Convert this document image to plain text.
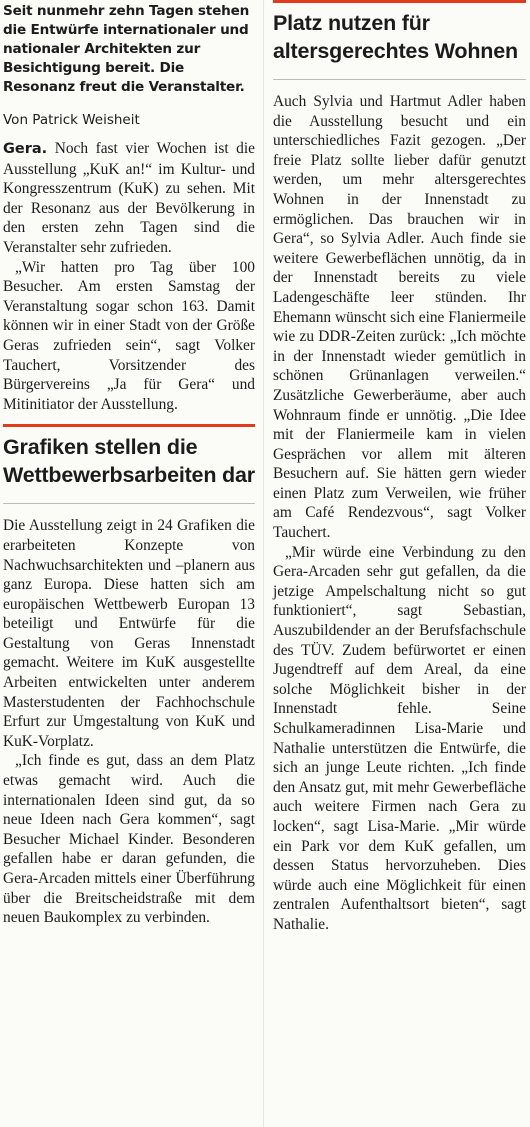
Seit nunmehr zehn Tagen stehen die Entwürfe internationaler und nationaler Architekten zur Besichtigung bereit. Die Resonanz freut die Veranstalter.

Von Patrick Weisheit

Gera. Noch fast vier Wochen ist die Ausstellung „KuK an!“ im Kultur- und Kongresszentrum (KuK) zu sehen. Mit der Resonanz aus der Bevölkerung in den ersten zehn Tagen sind die Veranstalter sehr zufrieden.

„Wir hatten pro Tag über 100 Besucher. Am ersten Samstag der Veranstaltung sogar schon 163. Damit können wir in einer Stadt von der Größe Geras zufrieden sein“, sagt Volker Tauchert, Vorsitzender des Bürgervereins „Ja für Gera“ und Mitinitiator der Ausstellung.

Grafiken stellen die Wettbewerbsarbeiten dar

Die Ausstellung zeigt in 24 Grafiken die erarbeiteten Konzepte von Nachwuchsarchitekten und –planern aus ganz Europa. Diese hatten sich am europäischen Wettbewerb Europan 13 beteiligt und Entwürfe für die Gestaltung von Geras Innenstadt gemacht. Weitere im KuK ausgestellte Arbeiten entwickelten unter anderem Masterstudenten der Fachhochschule Erfurt zur Umgestaltung von KuK und KuK-Vorplatz.

„Ich finde es gut, dass an dem Platz etwas gemacht wird. Auch die internationalen Ideen sind gut, da so neue Ideen nach Gera kommen“, sagt Besucher Michael Kinder. Besonderen gefallen habe er daran gefunden, die Gera-Arcaden mittels einer Überführung über die Breitscheidstraße mit dem neuen Baukomplex zu verbinden.

Platz nutzen für altersgerechtes Wohnen

Auch Sylvia und Hartmut Adler haben die Ausstellung besucht und ein unterschiedliches Fazit gezogen. „Der freie Platz sollte lieber dafür genutzt werden, um mehr altersgerechtes Wohnen in der Innenstadt zu ermöglichen. Das brauchen wir in Gera“, so Sylvia Adler. Auch finde sie weitere Gewerbeflächen unnötig, da in der Innenstadt bereits zu viele Ladengeschäfte leer stünden. Ihr Ehemann wünscht sich eine Flaniermeile wie zu DDR-Zeiten zurück: „Ich möchte in der Innenstadt wieder gemütlich in schönen Grünanlagen verweilen.“ Zusätzliche Gewerberäume, aber auch Wohnraum finde er unnötig. „Die Idee mit der Flaniermeile kam in vielen Gesprächen vor allem mit älteren Besuchern auf. Sie hätten gern wieder einen Platz zum Verweilen, wie früher am Café Rendezvous“, sagt Volker Tauchert.

„Mir würde eine Verbindung zu den Gera-Arcaden sehr gut gefallen, da die jetzige Ampelschaltung nicht so gut funktioniert“, sagt Sebastian, Auszubildender an der Berufsfachschule des TÜV. Zudem befürwortet er einen Jugendtreff auf dem Areal, da eine solche Möglichkeit bisher in der Innenstadt fehle. Seine Schulkameradinnen Lisa-Marie und Nathalie unterstützen die Entwürfe, die sich an junge Leute richten. „Ich finde den Ansatz gut, mit mehr Gewerbefläche auch weitere Firmen nach Gera zu locken“, sagt Lisa-Marie. „Mir würde ein Park vor dem KuK gefallen, um dessen Status hervorzuheben. Dies würde auch eine Möglichkeit für einen zentralen Aufenthaltsort bieten“, sagt Nathalie.
